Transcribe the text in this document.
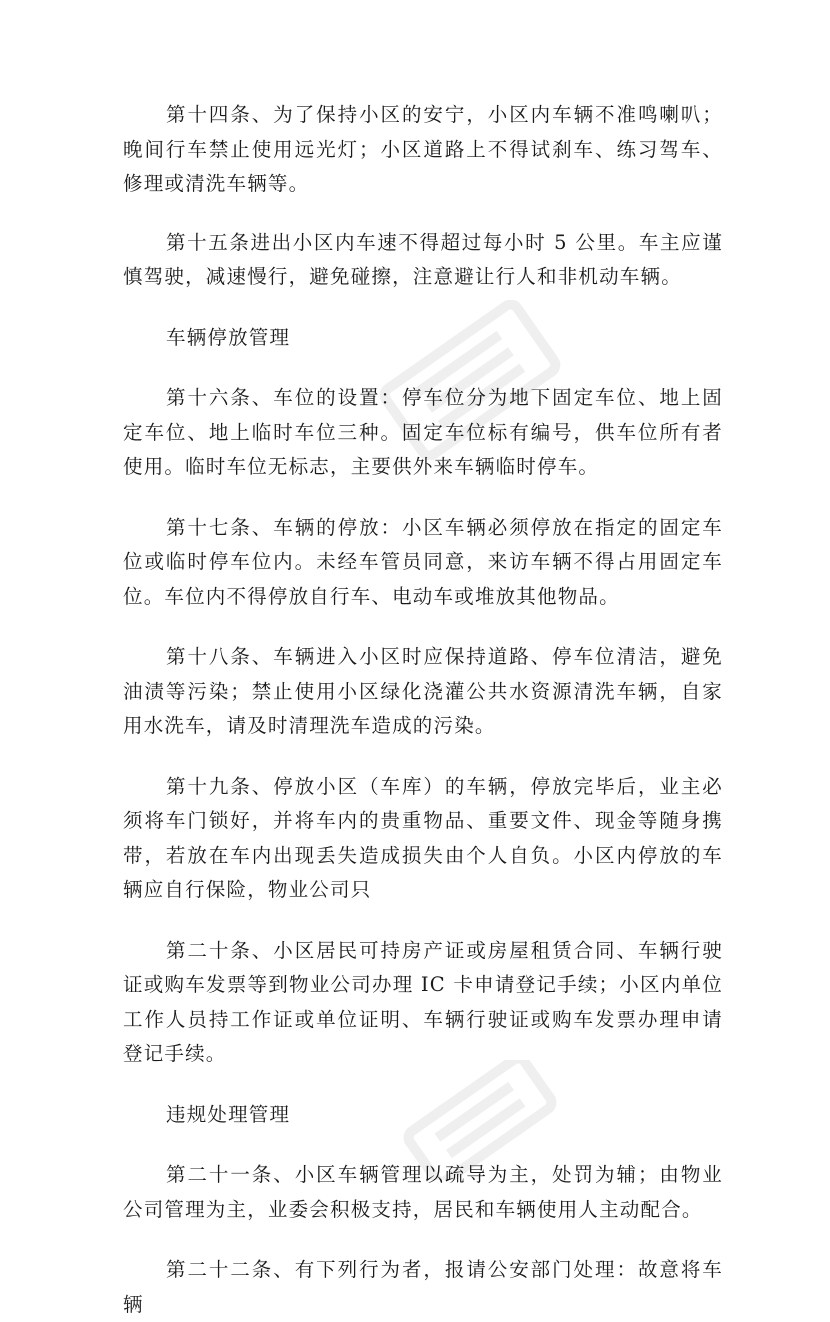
第十四条、为了保持小区的安宁，小区内车辆不准鸣喇叭；晚间行车禁止使用远光灯；小区道路上不得试刹车、练习驾车、修理或清洗车辆等。

第十五条进出小区内车速不得超过每小时 5 公里。车主应谨慎驾驶，减速慢行，避免碰擦，注意避让行人和非机动车辆。

车辆停放管理

第十六条、车位的设置：停车位分为地下固定车位、地上固定车位、地上临时车位三种。固定车位标有编号，供车位所有者使用。临时车位无标志，主要供外来车辆临时停车。

第十七条、车辆的停放：小区车辆必须停放在指定的固定车位或临时停车位内。未经车管员同意，来访车辆不得占用固定车位。车位内不得停放自行车、电动车或堆放其他物品。

第十八条、车辆进入小区时应保持道路、停车位清洁，避免油渍等污染；禁止使用小区绿化浇灌公共水资源清洗车辆，自家用水洗车，请及时清理洗车造成的污染。

第十九条、停放小区（车库）的车辆，停放完毕后，业主必须将车门锁好，并将车内的贵重物品、重要文件、现金等随身携带，若放在车内出现丢失造成损失由个人自负。小区内停放的车辆应自行保险，物业公司只

第二十条、小区居民可持房产证或房屋租赁合同、车辆行驶证或购车发票等到物业公司办理 IC 卡申请登记手续；小区内单位工作人员持工作证或单位证明、车辆行驶证或购车发票办理申请登记手续。

违规处理管理

第二十一条、小区车辆管理以疏导为主，处罚为辅；由物业公司管理为主，业委会积极支持，居民和车辆使用人主动配合。

第二十二条、有下列行为者，报请公安部门处理：故意将车辆
